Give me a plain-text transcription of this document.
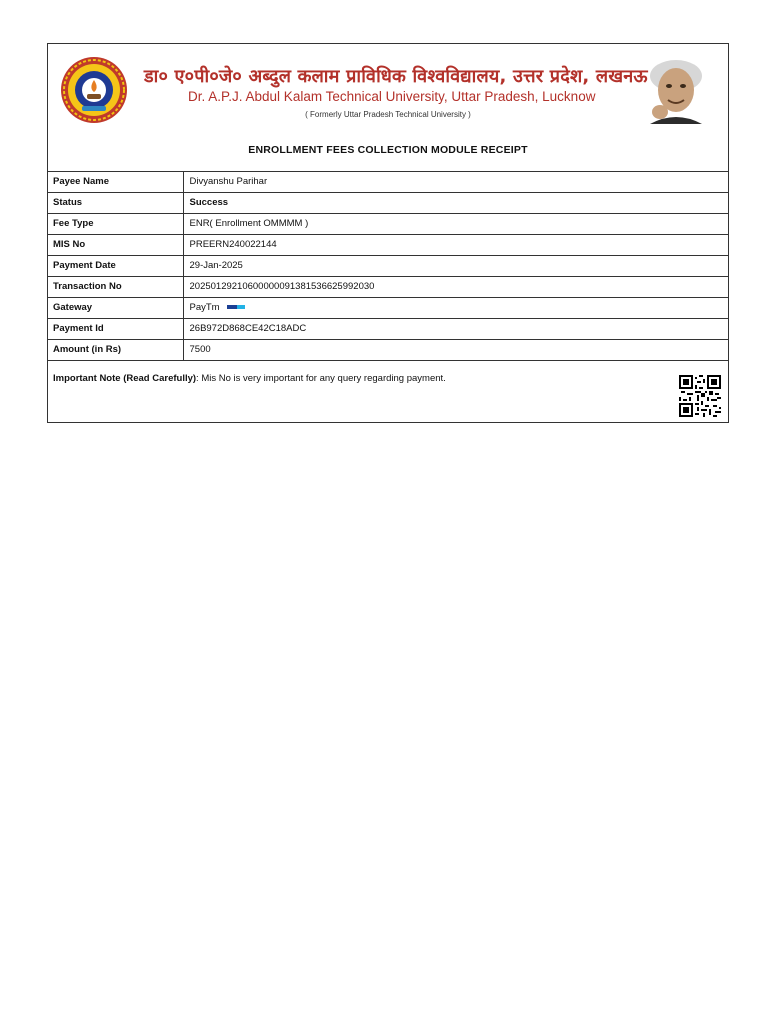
डा० ए०पी०जे० अब्दुल कलाम प्राविधिक विश्वविद्यालय, उत्तर प्रदेश, लखनऊ
Dr. A.P.J. Abdul Kalam Technical University, Uttar Pradesh, Lucknow
( Formerly Uttar Pradesh Technical University )
ENROLLMENT FEES COLLECTION MODULE RECEIPT
Payee Name	Divyanshu Parihar
Status	Success
Fee Type	ENR( Enrollment OMMMM )
MIS No	PREERN240022144
Payment Date	29-Jan-2025
Transaction No	20250129210600000091381536625992030
Gateway	PayTm
Payment Id	26B972D868CE42C18ADC
Amount (in Rs)	7500
Important Note (Read Carefully): Mis No is very important for any query regarding payment.
